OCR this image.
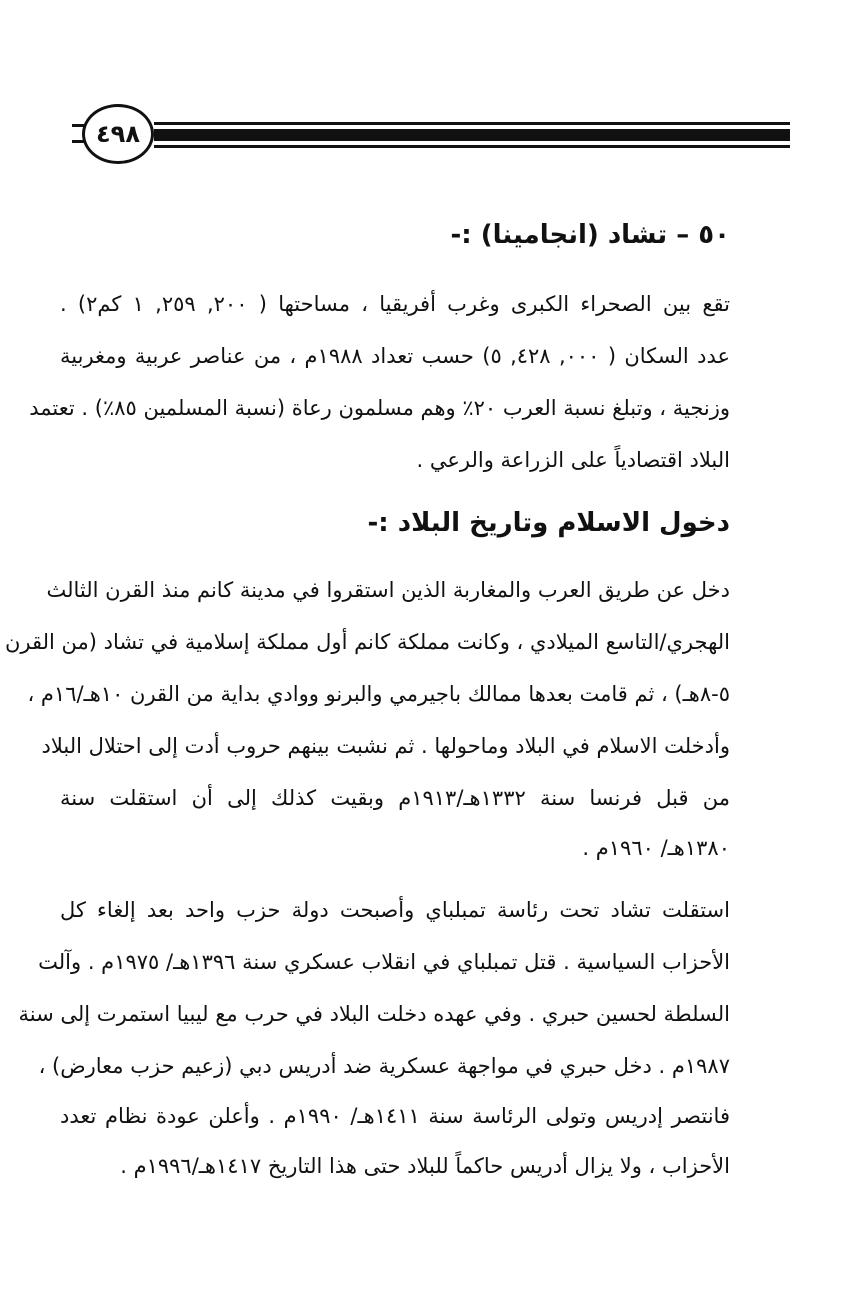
٤٩٨
٥٠ – تشاد (انجامينا) :-
تقع بين الصحراء الكبرى وغرب أفريقيا ، مساحتها ( ٢٠٠, ٢٥٩, ١ كم٢) .
عدد السكان ( ٠٠٠, ٤٢٨, ٥) حسب تعداد ١٩٨٨م ، من عناصر عربية ومغربية
وزنجية ، وتبلغ نسبة العرب ٢٠٪ وهم مسلمون رعاة (نسبة المسلمين ٨٥٪) . تعتمد
البلاد اقتصادياً على الزراعة والرعي .
دخول الاسلام وتاريخ البلاد :-
دخل عن طريق العرب والمغاربة الذين استقروا في مدينة كانم منذ القرن الثالث
الهجري/التاسع الميلادي ، وكانت مملكة كانم أول مملكة إسلامية في تشاد (من القرن
٥-٨هـ) ، ثم قامت بعدها ممالك باجيرمي والبرنو ووادي بداية من القرن ١٠هـ/١٦م ،
وأدخلت الاسلام في البلاد وماحولها . ثم نشبت بينهم حروب أدت إلى احتلال البلاد
من قبل فرنسا سنة ١٣٣٢هـ/١٩١٣م وبقيت كذلك إلى أن استقلت سنة
١٣٨٠هـ/ ١٩٦٠م .
استقلت تشاد تحت رئاسة تمبلباي وأصبحت دولة حزب واحد بعد إلغاء كل
الأحزاب السياسية . قتل تمبلباي في انقلاب عسكري سنة ١٣٩٦هـ/ ١٩٧٥م . وآلت
السلطة لحسين حبري . وفي عهده دخلت البلاد في حرب مع ليبيا استمرت إلى سنة
١٩٨٧م . دخل حبري في مواجهة عسكرية ضد أدريس دبي (زعيم حزب معارض) ،
فانتصر إدريس وتولى الرئاسة سنة ١٤١١هـ/ ١٩٩٠م . وأعلن عودة نظام تعدد
الأحزاب ، ولا يزال أدريس حاكماً للبلاد حتى هذا التاريخ ١٤١٧هـ/١٩٩٦م .
